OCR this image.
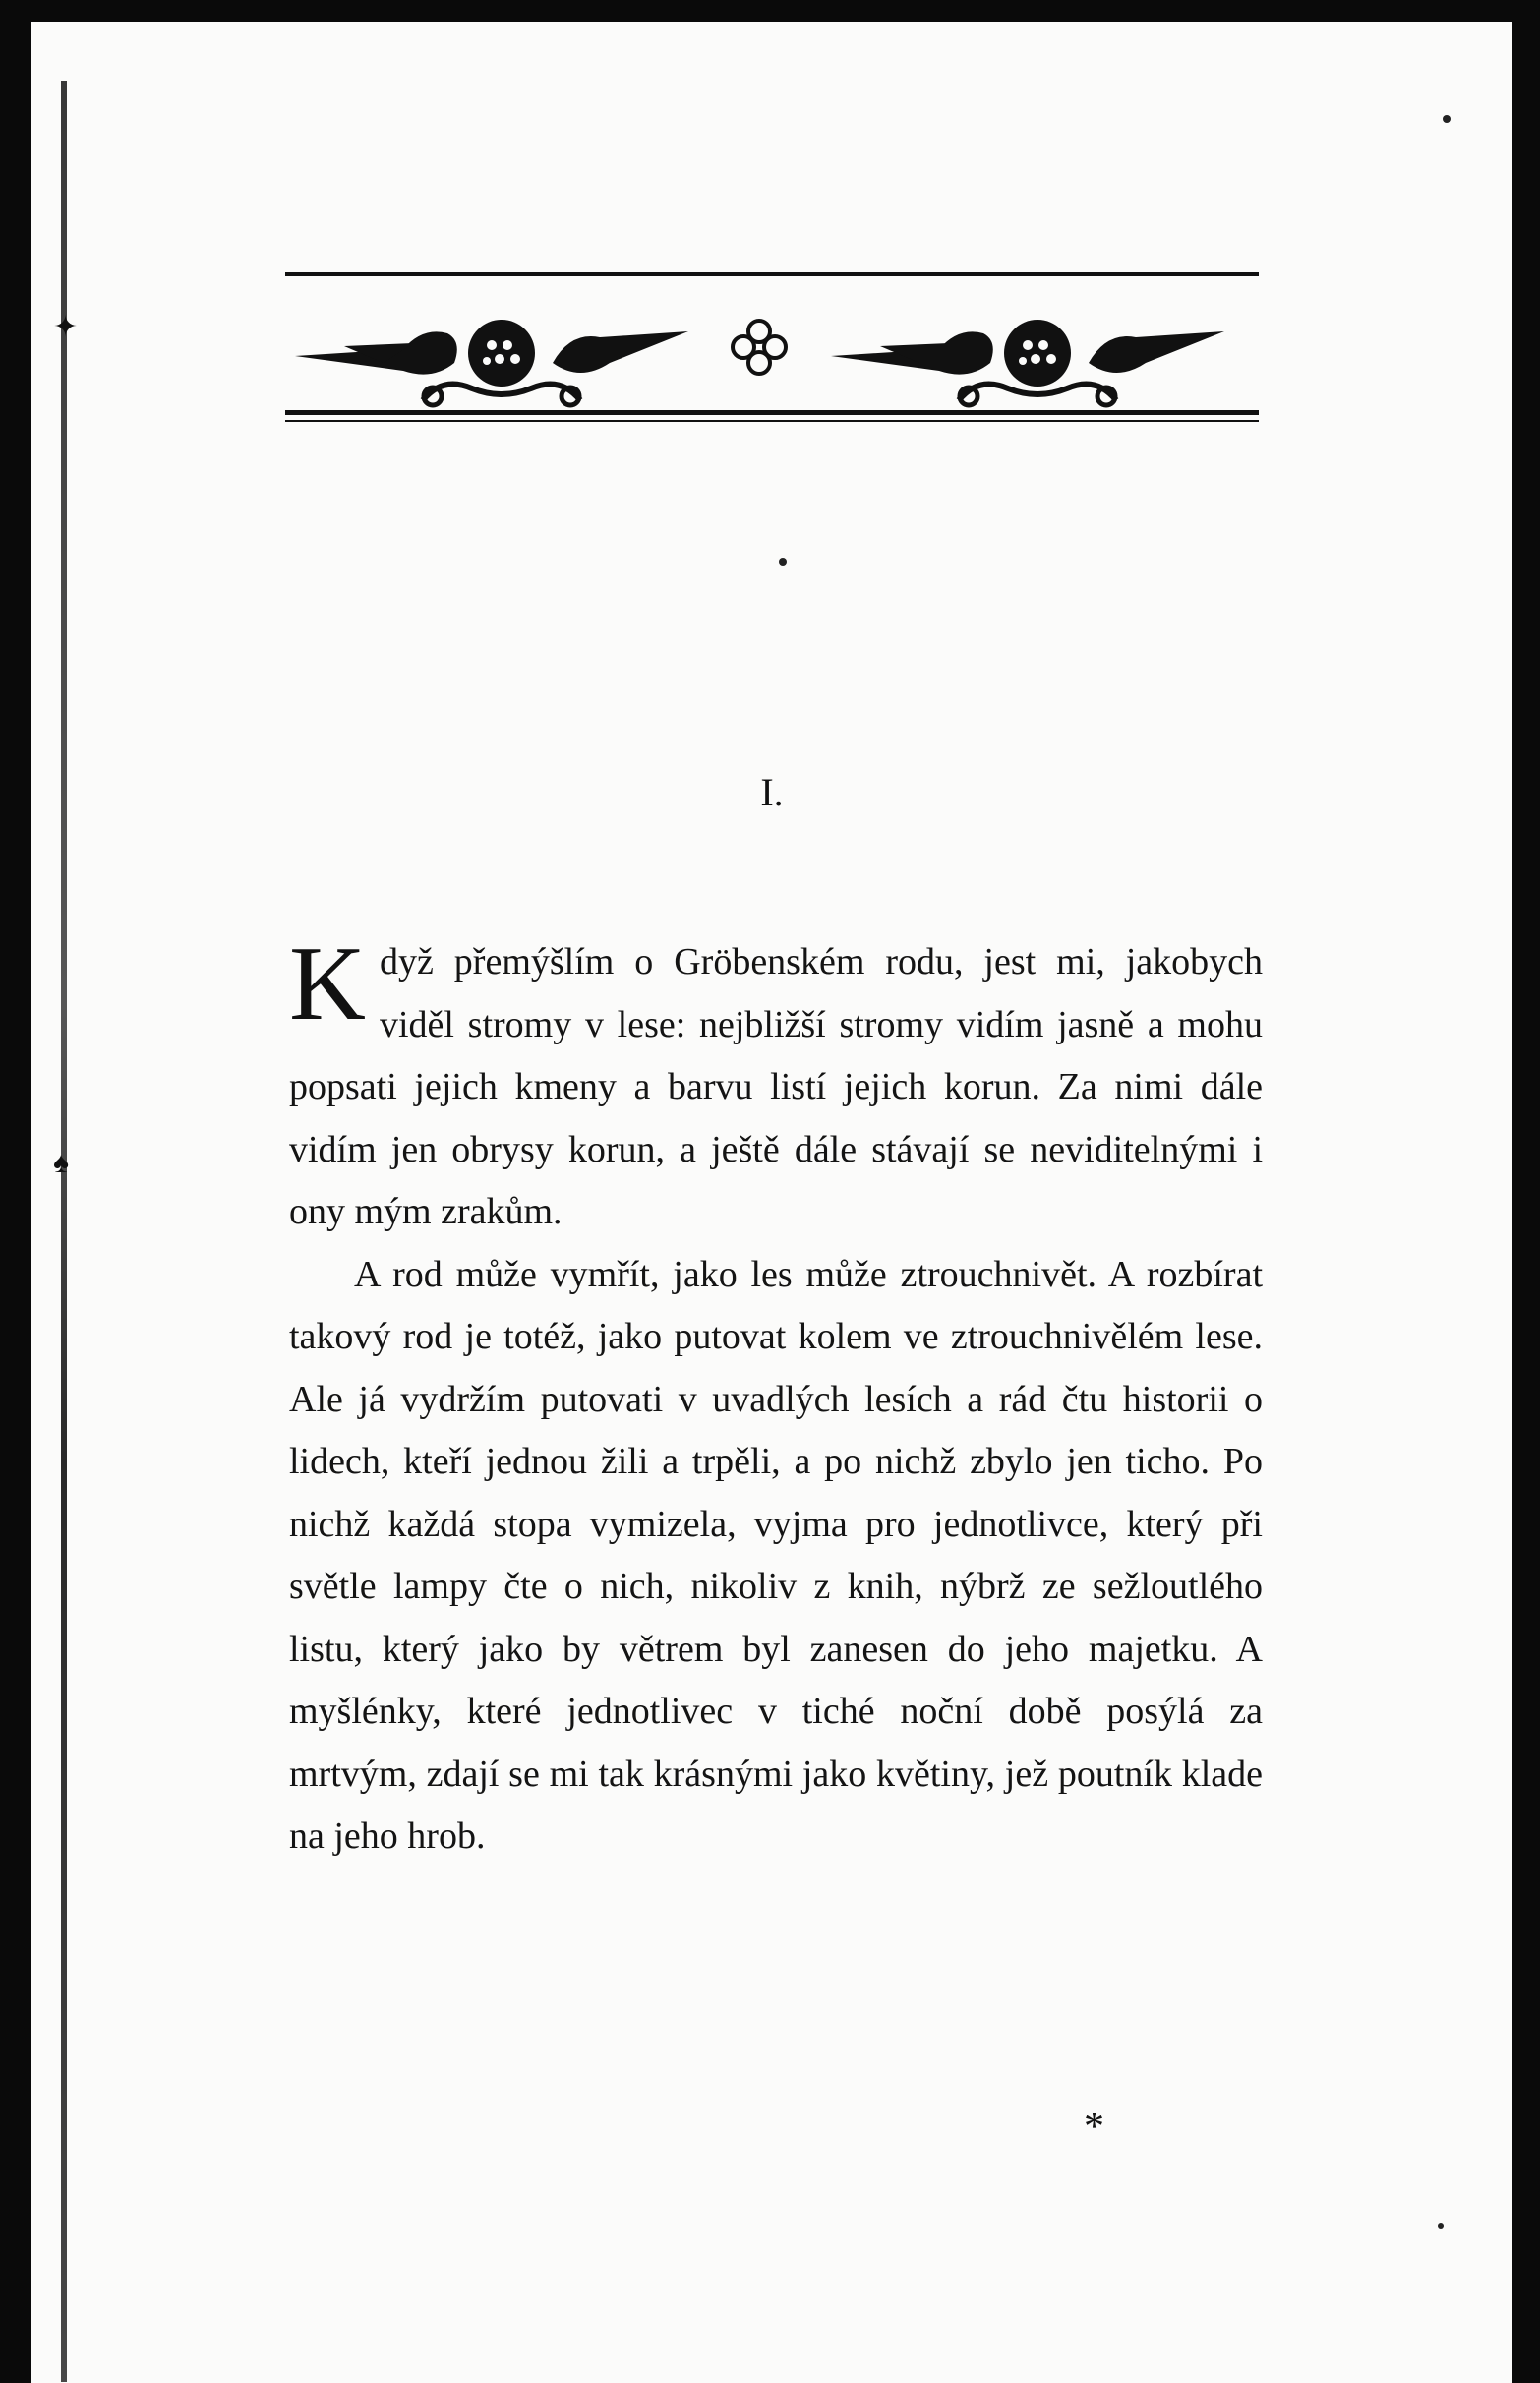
✦
♠
I.

Když přemýšlím o Gröbenském rodu, jest mi, jakobych viděl stromy v lese: nejbližší stromy vidím jasně a mohu popsati jejich kmeny a barvu listí jejich korun. Za nimi dále vidím jen obrysy korun, a ještě dále stávají se neviditelnými i ony mým zrakům.

A rod může vymřít, jako les může ztrouchnivět. A rozbírat takový rod je totéž, jako putovat kolem ve ztrouchnivělém lese. Ale já vydržím putovati v uvadlých lesích a rád čtu historii o lidech, kteří jednou žili a trpěli, a po nichž zbylo jen ticho. Po nichž každá stopa vymizela, vyjma pro jednotlivce, který při světle lampy čte o nich, nikoliv z knih, nýbrž ze sežloutlého listu, který jako by větrem byl zanesen do jeho majetku. A myšlénky, které jednotlivec v tiché noční době posýlá za mrtvým, zdají se mi tak krásnými jako květiny, jež poutník klade na jeho hrob.

*
